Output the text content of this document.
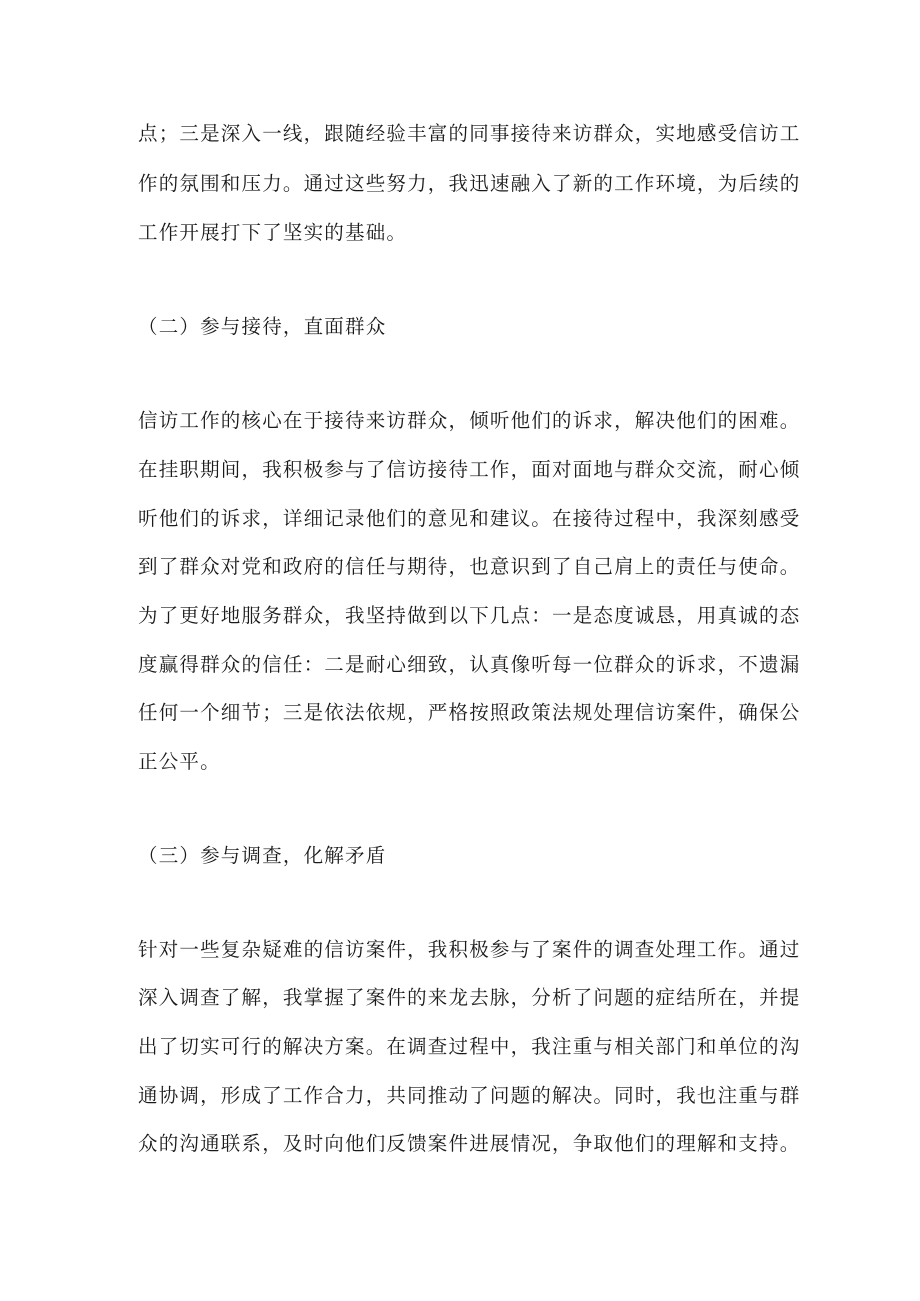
点；三是深入一线，跟随经验丰富的同事接待来访群众，实地感受信访工
作的氛围和压力。通过这些努力，我迅速融入了新的工作环境，为后续的
工作开展打下了坚实的基础。
（二）参与接待，直面群众
信访工作的核心在于接待来访群众，倾听他们的诉求，解决他们的困难。
在挂职期间，我积极参与了信访接待工作，面对面地与群众交流，耐心倾
听他们的诉求，详细记录他们的意见和建议。在接待过程中，我深刻感受
到了群众对党和政府的信任与期待，也意识到了自己肩上的责任与使命。
为了更好地服务群众，我坚持做到以下几点：一是态度诚恳，用真诚的态
度赢得群众的信任：二是耐心细致，认真像听每一位群众的诉求，不遗漏
任何一个细节；三是依法依规，严格按照政策法规处理信访案件，确保公
正公平。
（三）参与调查，化解矛盾
针对一些复杂疑难的信访案件，我积极参与了案件的调查处理工作。通过
深入调查了解，我掌握了案件的来龙去脉，分析了问题的症结所在，并提
出了切实可行的解决方案。在调查过程中，我注重与相关部门和单位的沟
通协调，形成了工作合力，共同推动了问题的解决。同时，我也注重与群
众的沟通联系，及时向他们反馈案件进展情况，争取他们的理解和支持。
